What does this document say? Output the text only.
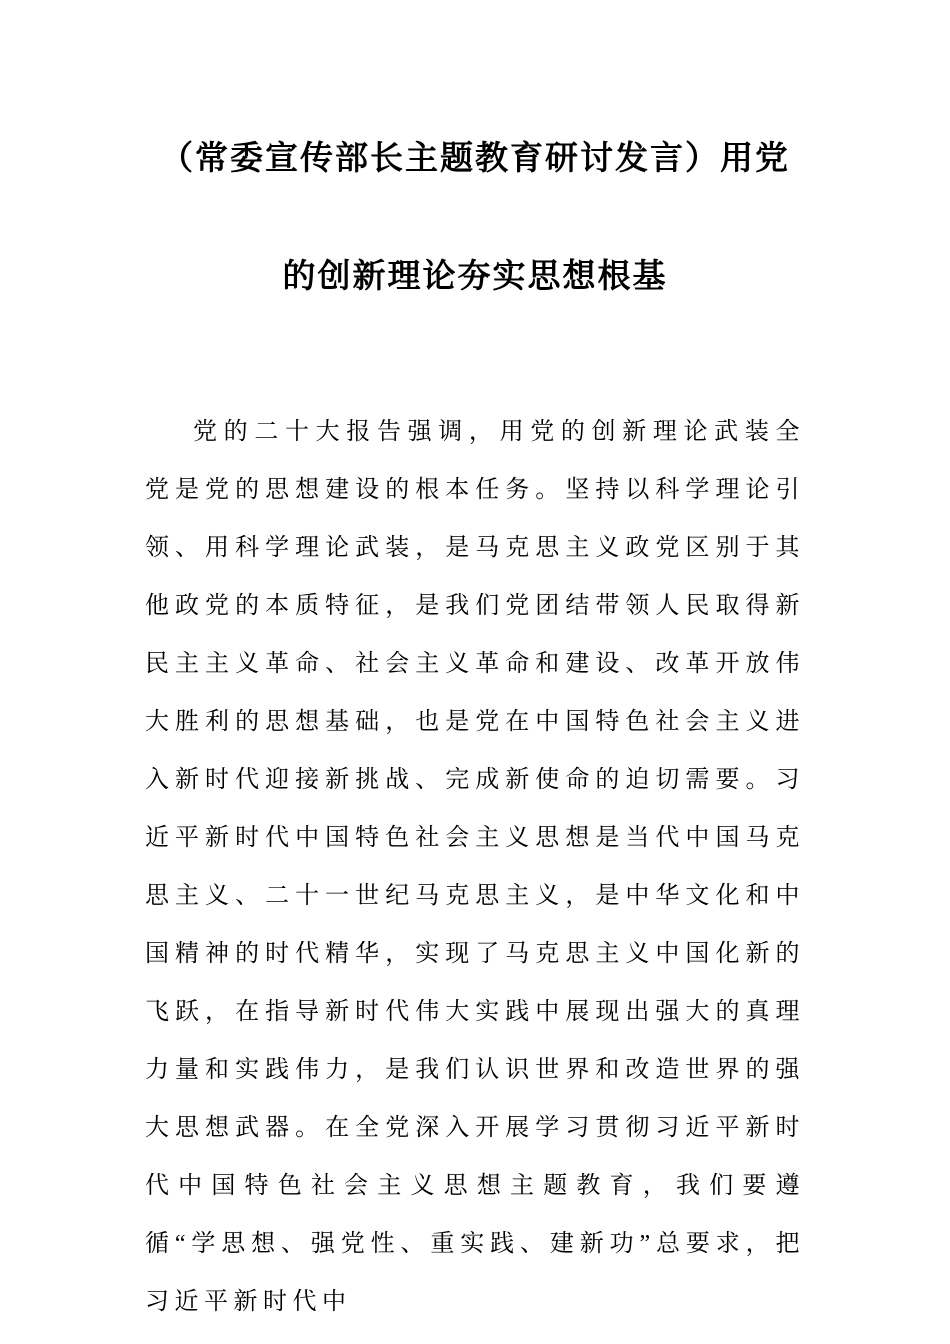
（常委宣传部长主题教育研讨发言）用党
的创新理论夯实思想根基

党的二十大报告强调，用党的创新理论武装全党是党的思想建设的根本任务。坚持以科学理论引领、用科学理论武装，是马克思主义政党区别于其他政党的本质特征，是我们党团结带领人民取得新民主主义革命、社会主义革命和建设、改革开放伟大胜利的思想基础，也是党在中国特色社会主义进入新时代迎接新挑战、完成新使命的迫切需要。习近平新时代中国特色社会主义思想是当代中国马克思主义、二十一世纪马克思主义，是中华文化和中国精神的时代精华，实现了马克思主义中国化新的飞跃，在指导新时代伟大实践中展现出强大的真理力量和实践伟力，是我们认识世界和改造世界的强大思想武器。在全党深入开展学习贯彻习近平新时代中国特色社会主义思想主题教育，我们要遵循“学思想、强党性、重实践、建新功”总要求，把习近平新时代中
